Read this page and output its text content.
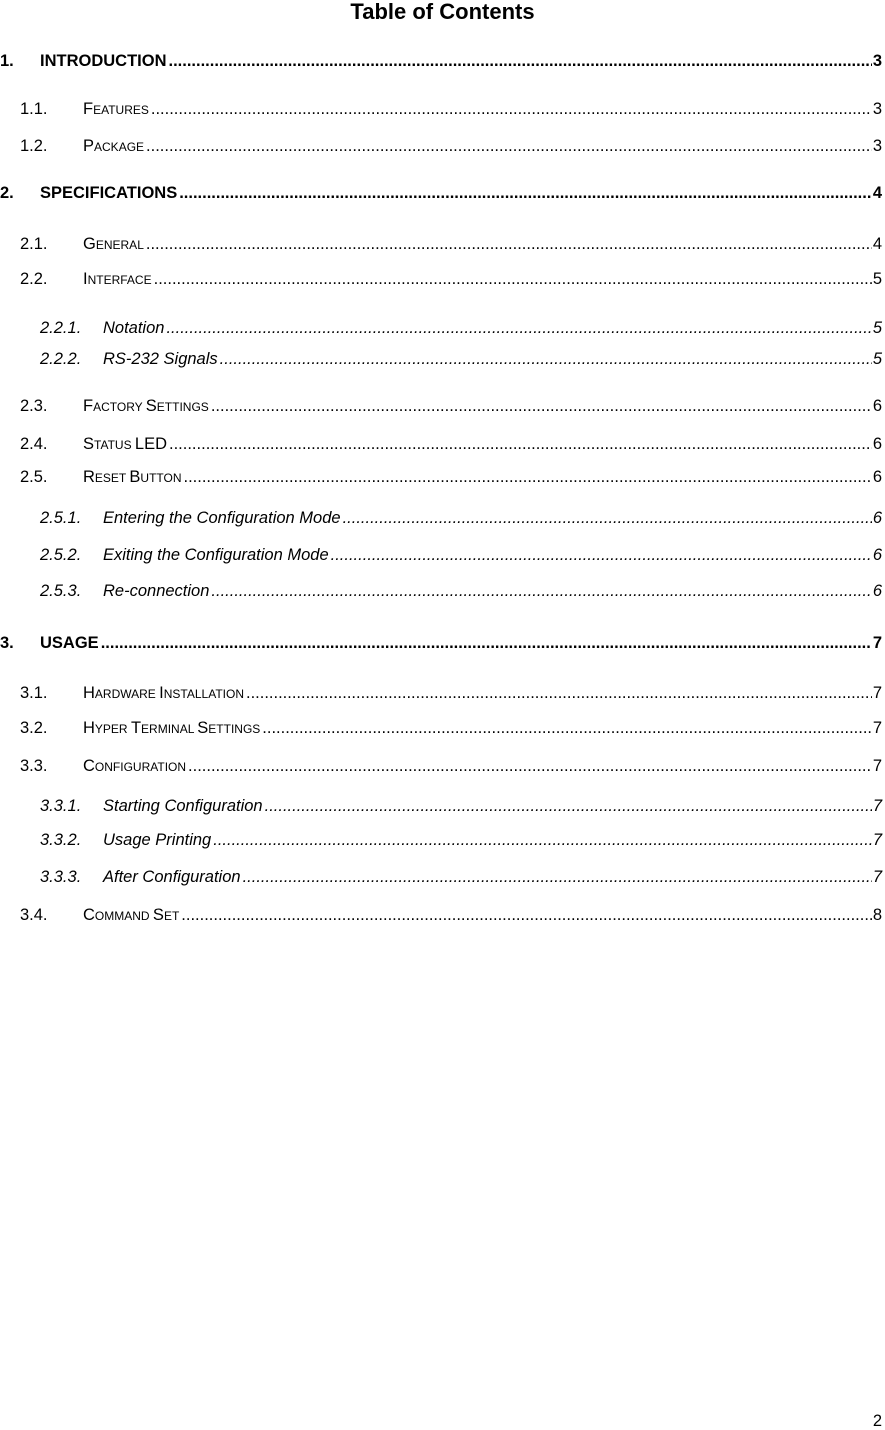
Table of Contents
1.	INTRODUCTION .....	3
1.1.	FEATURES .....	3
1.2.	PACKAGE .....	3
2.	SPECIFICATIONS .....	4
2.1.	GENERAL .....	4
2.2.	INTERFACE .....	5
2.2.1.	Notation .....	5
2.2.2.	RS-232 Signals .....	5
2.3.	FACTORY SETTINGS .....	6
2.4.	STATUS LED .....	6
2.5.	RESET BUTTON .....	6
2.5.1.	Entering the Configuration Mode .....	6
2.5.2.	Exiting the Configuration Mode .....	6
2.5.3.	Re-connection .....	6
3.	USAGE .....	7
3.1.	HARDWARE INSTALLATION .....	7
3.2.	HYPER TERMINAL SETTINGS .....	7
3.3.	CONFIGURATION .....	7
3.3.1.	Starting Configuration .....	7
3.3.2.	Usage Printing .....	7
3.3.3.	After Configuration .....	7
3.4.	COMMAND SET .....	8
2
